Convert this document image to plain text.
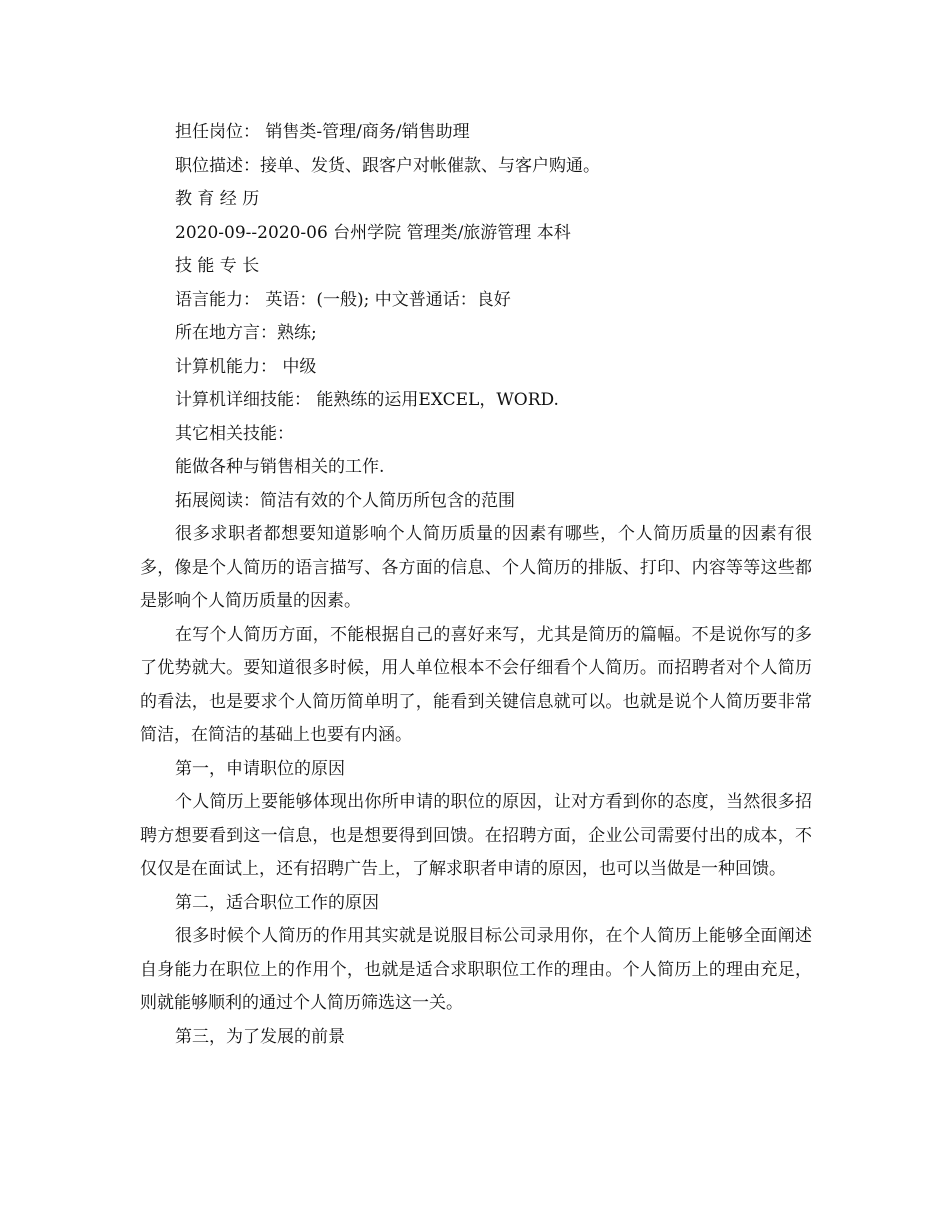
担任岗位： 销售类-管理/商务/销售助理

职位描述：接单、发货、跟客户对帐催款、与客户购通。

教 育 经 历

2020-09--2020-06 台州学院 管理类/旅游管理 本科

技 能 专 长

语言能力： 英语：(一般); 中文普通话：良好

所在地方言：熟练;

计算机能力： 中级

计算机详细技能： 能熟练的运用EXCEL，WORD.

其它相关技能：

能做各种与销售相关的工作.

拓展阅读：简洁有效的个人简历所包含的范围

很多求职者都想要知道影响个人简历质量的因素有哪些，个人简历质量的因素有很多，像是个人简历的语言描写、各方面的信息、个人简历的排版、打印、内容等等这些都是影响个人简历质量的因素。

在写个人简历方面，不能根据自己的喜好来写，尤其是简历的篇幅。不是说你写的多了优势就大。要知道很多时候，用人单位根本不会仔细看个人简历。而招聘者对个人简历的看法，也是要求个人简历简单明了，能看到关键信息就可以。也就是说个人简历要非常简洁，在简洁的基础上也要有内涵。

第一，申请职位的原因

个人简历上要能够体现出你所申请的职位的原因，让对方看到你的态度，当然很多招聘方想要看到这一信息，也是想要得到回馈。在招聘方面，企业公司需要付出的成本，不仅仅是在面试上，还有招聘广告上，了解求职者申请的原因，也可以当做是一种回馈。

第二，适合职位工作的原因

很多时候个人简历的作用其实就是说服目标公司录用你，在个人简历上能够全面阐述自身能力在职位上的作用个，也就是适合求职职位工作的理由。个人简历上的理由充足，则就能够顺利的通过个人简历筛选这一关。

第三，为了发展的前景
